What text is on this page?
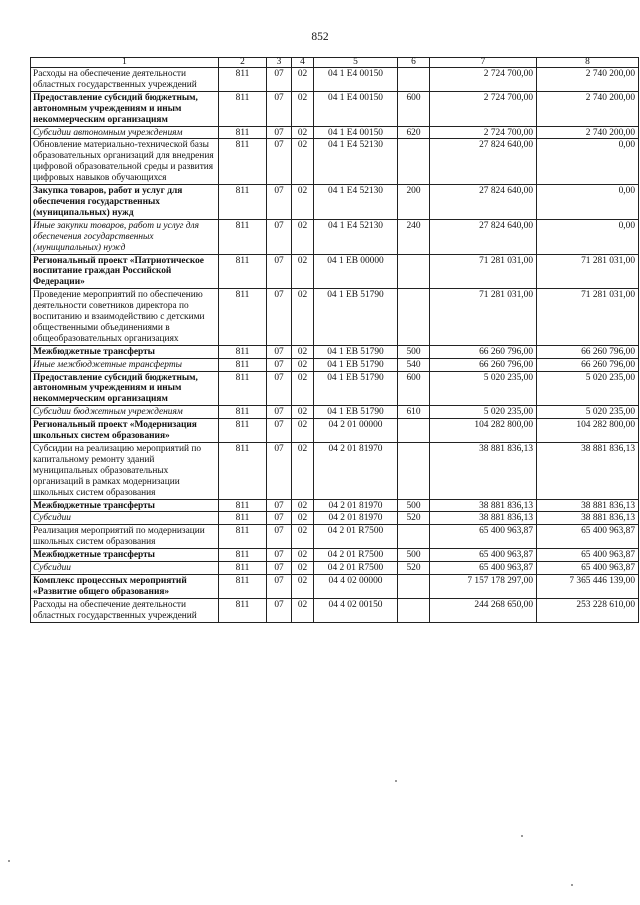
852
1	2	3	4	5	6	7	8
Расходы на обеспечение деятельности областных государственных учреждений	811	07	02	04 1 E4 00150		2 724 700,00	2 740 200,00
Предоставление субсидий бюджетным, автономным учреждениям и иным некоммерческим организациям	811	07	02	04 1 E4 00150	600	2 724 700,00	2 740 200,00
Субсидии автономным учреждениям	811	07	02	04 1 E4 00150	620	2 724 700,00	2 740 200,00
Обновление материально-технической базы образовательных организаций для внедрения цифровой образовательной среды и развития цифровых навыков обучающихся	811	07	02	04 1 E4 52130		27 824 640,00	0,00
Закупка товаров, работ и услуг для обеспечения государственных (муниципальных) нужд	811	07	02	04 1 E4 52130	200	27 824 640,00	0,00
Иные закупки товаров, работ и услуг для обеспечения государственных (муниципальных) нужд	811	07	02	04 1 E4 52130	240	27 824 640,00	0,00
Региональный проект «Патриотическое воспитание граждан Российской Федерации»	811	07	02	04 1 EB 00000		71 281 031,00	71 281 031,00
Проведение мероприятий по обеспечению деятельности советников директора по воспитанию и взаимодействию с детскими общественными объединениями в общеобразовательных организациях	811	07	02	04 1 EB 51790		71 281 031,00	71 281 031,00
Межбюджетные трансферты	811	07	02	04 1 EB 51790	500	66 260 796,00	66 260 796,00
Иные межбюджетные трансферты	811	07	02	04 1 EB 51790	540	66 260 796,00	66 260 796,00
Предоставление субсидий бюджетным, автономным учреждениям и иным некоммерческим организациям	811	07	02	04 1 EB 51790	600	5 020 235,00	5 020 235,00
Субсидии бюджетным учреждениям	811	07	02	04 1 EB 51790	610	5 020 235,00	5 020 235,00
Региональный проект «Модернизация школьных систем образования»	811	07	02	04 2 01 00000		104 282 800,00	104 282 800,00
Субсидии на реализацию мероприятий по капитальному ремонту зданий муниципальных образовательных организаций в рамках модернизации школьных систем образования	811	07	02	04 2 01 81970		38 881 836,13	38 881 836,13
Межбюджетные трансферты	811	07	02	04 2 01 81970	500	38 881 836,13	38 881 836,13
Субсидии	811	07	02	04 2 01 81970	520	38 881 836,13	38 881 836,13
Реализация мероприятий по модернизации школьных систем образования	811	07	02	04 2 01 R7500		65 400 963,87	65 400 963,87
Межбюджетные трансферты	811	07	02	04 2 01 R7500	500	65 400 963,87	65 400 963,87
Субсидии	811	07	02	04 2 01 R7500	520	65 400 963,87	65 400 963,87
Комплекс процессных мероприятий «Развитие общего образования»	811	07	02	04 4 02 00000		7 157 178 297,00	7 365 446 139,00
Расходы на обеспечение деятельности областных государственных учреждений	811	07	02	04 4 02 00150		244 268 650,00	253 228 610,00
